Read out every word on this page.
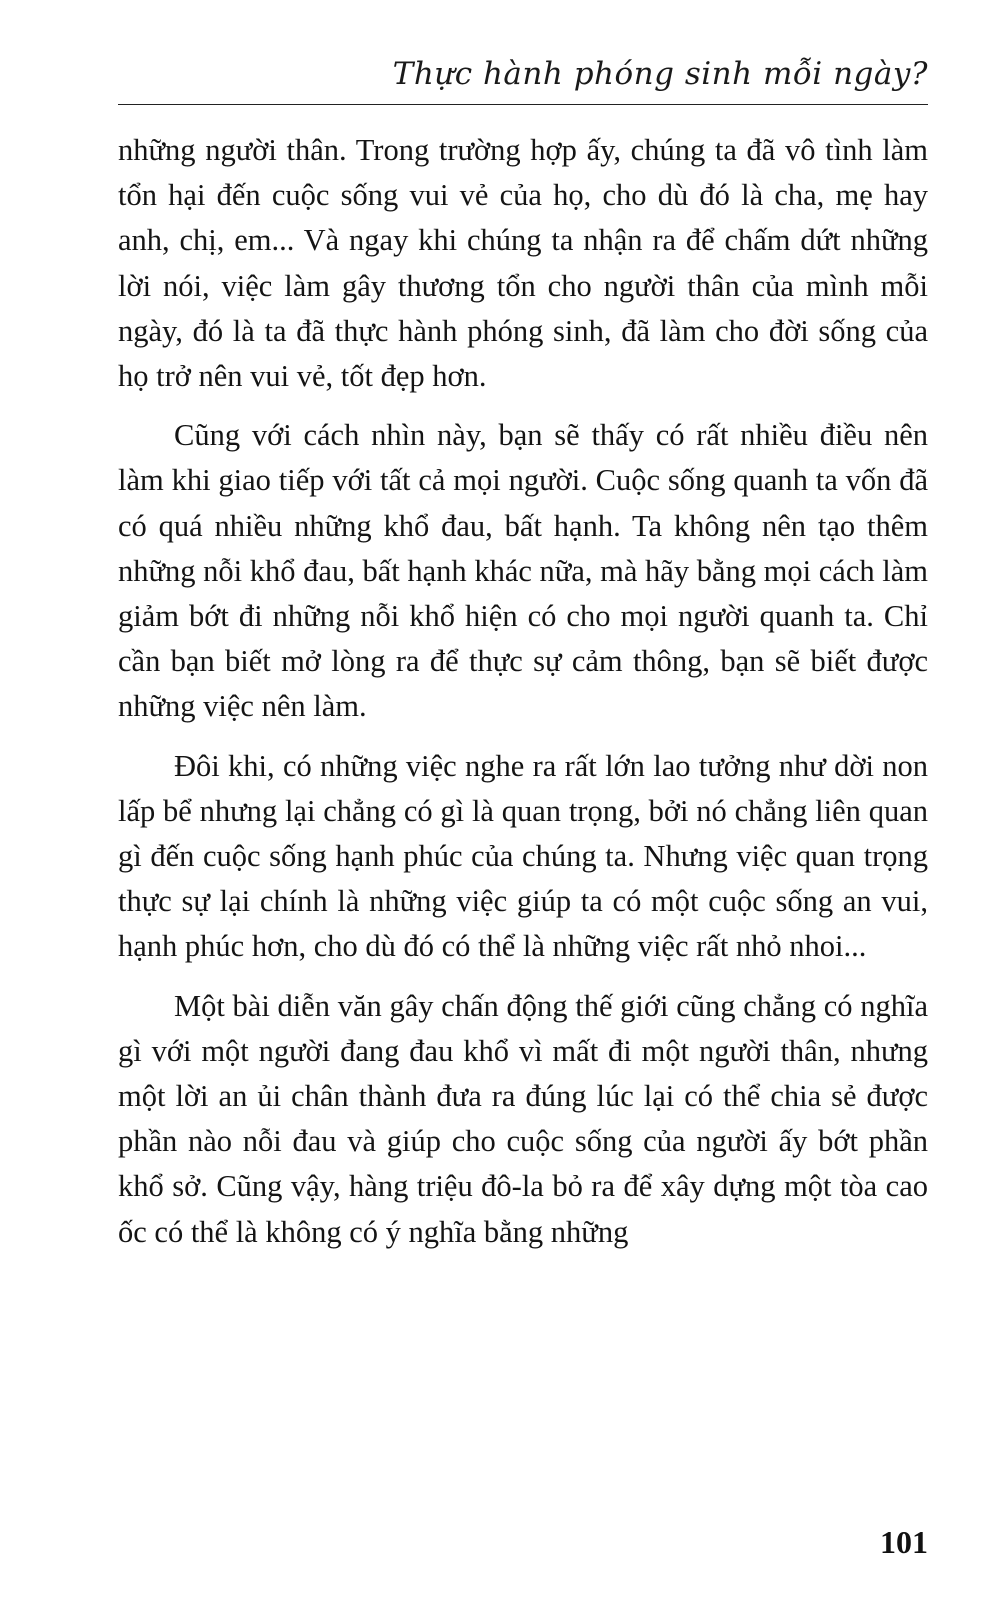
Thực hành phóng sinh mỗi ngày?

những người thân. Trong trường hợp ấy, chúng ta đã vô tình làm tổn hại đến cuộc sống vui vẻ của họ, cho dù đó là cha, mẹ hay anh, chị, em... Và ngay khi chúng ta nhận ra để chấm dứt những lời nói, việc làm gây thương tổn cho người thân của mình mỗi ngày, đó là ta đã thực hành phóng sinh, đã làm cho đời sống của họ trở nên vui vẻ, tốt đẹp hơn.

Cũng với cách nhìn này, bạn sẽ thấy có rất nhiều điều nên làm khi giao tiếp với tất cả mọi người. Cuộc sống quanh ta vốn đã có quá nhiều những khổ đau, bất hạnh. Ta không nên tạo thêm những nỗi khổ đau, bất hạnh khác nữa, mà hãy bằng mọi cách làm giảm bớt đi những nỗi khổ hiện có cho mọi người quanh ta. Chỉ cần bạn biết mở lòng ra để thực sự cảm thông, bạn sẽ biết được những việc nên làm.

Đôi khi, có những việc nghe ra rất lớn lao tưởng như dời non lấp bể nhưng lại chẳng có gì là quan trọng, bởi nó chẳng liên quan gì đến cuộc sống hạnh phúc của chúng ta. Nhưng việc quan trọng thực sự lại chính là những việc giúp ta có một cuộc sống an vui, hạnh phúc hơn, cho dù đó có thể là những việc rất nhỏ nhoi...

Một bài diễn văn gây chấn động thế giới cũng chẳng có nghĩa gì với một người đang đau khổ vì mất đi một người thân, nhưng một lời an ủi chân thành đưa ra đúng lúc lại có thể chia sẻ được phần nào nỗi đau và giúp cho cuộc sống của người ấy bớt phần khổ sở. Cũng vậy, hàng triệu đô-la bỏ ra để xây dựng một tòa cao ốc có thể là không có ý nghĩa bằng những

101
